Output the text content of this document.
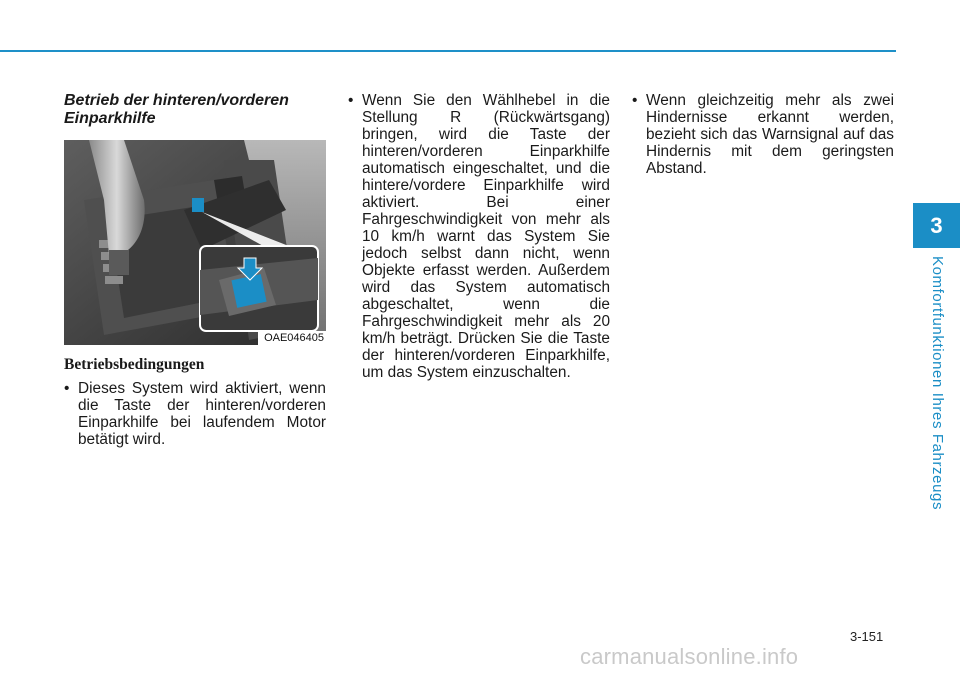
3
Komfortfunktionen Ihres Fahrzeugs
Betrieb der hinteren/vorderen Einparkhilfe
OAE046405
Betriebsbedingungen
• Dieses System wird aktiviert, wenn die Taste der hinteren/vorderen Einparkhilfe bei laufendem Motor betätigt wird.
• Wenn Sie den Wählhebel in die Stellung R (Rückwärtsgang) bringen, wird die Taste der hinteren/vorderen Einparkhilfe automatisch eingeschaltet, und die hintere/vordere Einparkhilfe wird aktiviert. Bei einer Fahrgeschwindigkeit von mehr als 10 km/h warnt das System Sie jedoch selbst dann nicht, wenn Objekte erfasst werden. Außerdem wird das System automatisch abgeschaltet, wenn die Fahrgeschwindigkeit mehr als 20 km/h beträgt. Drücken Sie die Taste der hinteren/vorderen Einparkhilfe, um das System einzuschalten.
• Wenn gleichzeitig mehr als zwei Hindernisse erkannt werden, bezieht sich das Warnsignal auf das Hindernis mit dem geringsten Abstand.
3-151
carmanualsonline.info
